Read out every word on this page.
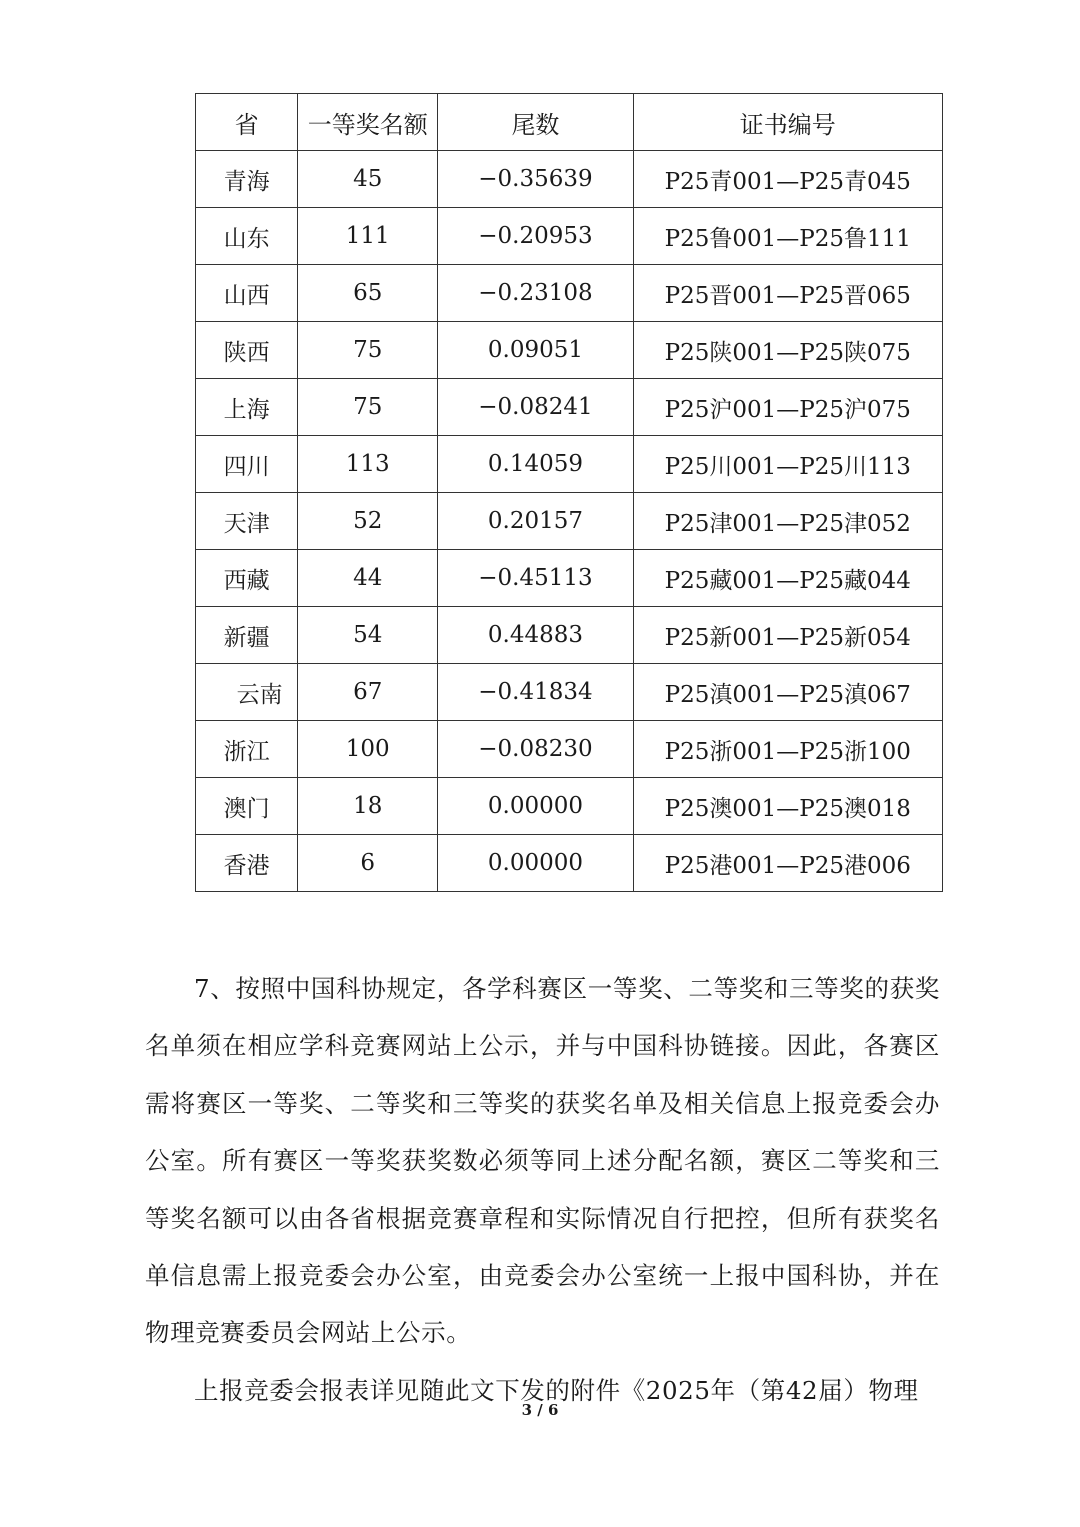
省	一等奖名额	尾数	证书编号
青海	45	−0.35639	P25青001—P25青045
山东	111	−0.20953	P25鲁001—P25鲁111
山西	65	−0.23108	P25晋001—P25晋065
陕西	75	0.09051	P25陕001—P25陕075
上海	75	−0.08241	P25沪001—P25沪075
四川	113	0.14059	P25川001—P25川113
天津	52	0.20157	P25津001—P25津052
西藏	44	−0.45113	P25藏001—P25藏044
新疆	54	0.44883	P25新001—P25新054
云南	67	−0.41834	P25滇001—P25滇067
浙江	100	−0.08230	P25浙001—P25浙100
澳门	18	0.00000	P25澳001—P25澳018
香港	6	0.00000	P25港001—P25港006

7、按照中国科协规定，各学科赛区一等奖、二等奖和三等奖的获奖名单须在相应学科竞赛网站上公示，并与中国科协链接。因此，各赛区需将赛区一等奖、二等奖和三等奖的获奖名单及相关信息上报竞委会办公室。所有赛区一等奖获奖数必须等同上述分配名额，赛区二等奖和三等奖名额可以由各省根据竞赛章程和实际情况自行把控，但所有获奖名单信息需上报竞委会办公室，由竞委会办公室统一上报中国科协，并在物理竞赛委员会网站上公示。

上报竞委会报表详见随此文下发的附件《2025年（第42届）物理

3 / 6
